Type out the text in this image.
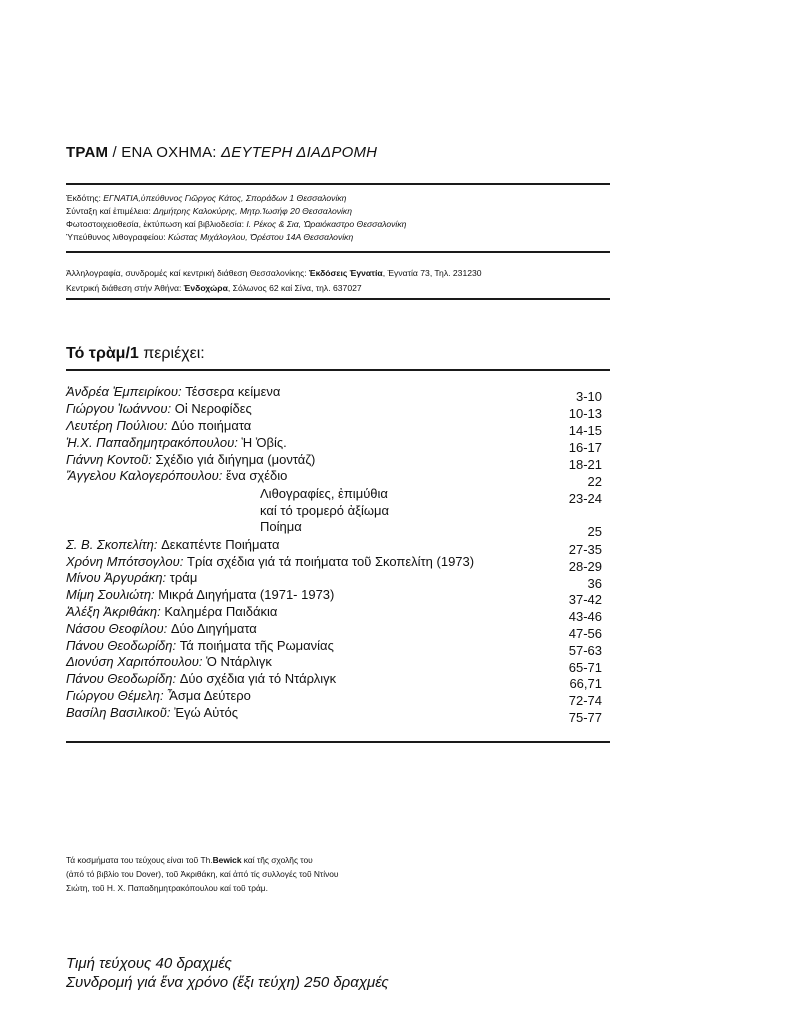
ΤΡΑΜ / ΕΝΑ ΟΧΗΜΑ: ΔΕΥΤΕΡΗ ΔΙΑΔΡΟΜΗ
Ἐκδότης: ΕΓΝΑΤΙΑ,ὑπεύθυνος Γιῶργος Κάτος, Σποράδων 1 Θεσσαλονίκη
Σύνταξη καί ἐπιμέλεια: Δημήτρης Καλοκύρης, Μητρ.Ἰωσήφ 20 Θεσσαλονίκη
Φωτοστοιχειοθεσία, ἐκτύπωση καί βιβλιοδεσία: Ι. Ρέκος & Σια, Ὡραιόκαστρο Θεσσαλονίκη
Ὑπεύθυνος λιθογραφείου: Κώστας Μιχάλογλου, Ὀρέστου 14Α Θεσσαλονίκη
Ἀλληλογραφία, συνδρομές καί κεντρική διάθεση Θεσσαλονίκης: Ἐκδόσεις Ἐγνατία, Ἐγνατία 73, Τηλ. 231230
Κεντρική διάθεση στήν Ἀθήνα: Ἐνδοχώρα, Σόλωνος 62 καί Σίνα, τηλ. 637027
Τό τρὰμ/1 περιέχει:
Ἀνδρέα Ἐμπειρίκου: Τέσσερα κείμενα	3-10
Γιώργου Ἰωάννου: Οἱ Νεροφίδες	10-13
Λευτέρη Πούλιου: Δύο ποιήματα	14-15
Ἡ.Χ. Παπαδημητρακόπουλου: Ἡ Ὀβίς.	16-17
Γιάννη Κοντοῦ: Σχέδιο γιά διήγημα (μοντάζ)	18-21
Ἄγγελου Καλογερόπουλου: ἕνα σχέδιο	22
Λιθογραφίες, ἐπιμύθια	23-24
καί τό τρομερό ἀξίωμα
Ποίημα	25
Σ. Β. Σκοπελίτη: Δεκαπέντε Ποιήματα	27-35
Χρόνη Μπότσογλου: Τρία σχέδια γιά τά ποιήματα τοῦ Σκοπελίτη (1973)	28-29
Μίνου Ἀργυράκη: τράμ	36
Μίμη Σουλιώτη: Μικρά Διηγήματα (1971- 1973)	37-42
Ἀλέξη Ἀκριθάκη: Καλημέρα Παιδάκια	43-46
Νάσου Θεοφίλου: Δύο Διηγήματα	47-56
Πάνου Θεοδωρίδη: Τά ποιήματα τῆς Ρωμανίας	57-63
Διονύση Χαριτόπουλου: Ὁ Ντάρλιγκ	65-71
Πάνου Θεοδωρίδη: Δύο σχέδια γιά τό Ντάρλιγκ	66,71
Γιώργου Θέμελη: Ἆσμα Δεύτερο	72-74
Βασίλη Βασιλικοῦ: Ἐγώ Αὐτός	75-77
Τά κοσμήματα του τεύχους είναι τοῦ Th.Bewick καί τῆς σχολῆς του
(ἀπό τό βιβλίο του Dover), τοῦ Ἀκριθάκη, καί ἀπό τίς συλλογές τοῦ Ντίνου
Σιώτη, τοῦ Η. Χ. Παπαδημητρακόπουλου καί τοῦ τράμ.
Τιμή τεύχους 40 δραχμές
Συνδρομή γιά ἕνα χρόνο (ἕξι τεύχη) 250 δραχμές
